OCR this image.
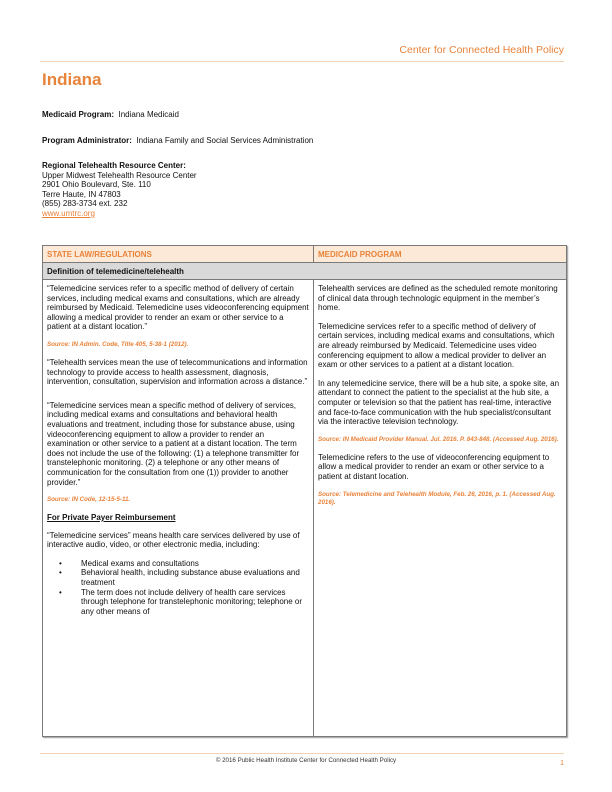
Center for Connected Health Policy
Indiana
Medicaid Program: Indiana Medicaid
Program Administrator: Indiana Family and Social Services Administration
Regional Telehealth Resource Center:
Upper Midwest Telehealth Resource Center
2901 Ohio Boulevard, Ste. 110
Terre Haute, IN 47803
(855) 283-3734 ext. 232
www.umtrc.org
STATE LAW/REGULATIONS	MEDICAID PROGRAM
Definition of telemedicine/telehealth

“Telemedicine services refer to a specific method of delivery of certain services, including medical exams and consultations, which are already reimbursed by Medicaid. Telemedicine uses videoconferencing equipment allowing a medical provider to render an exam or other service to a patient at a distant location.”

Source: IN Admin. Code, Title 405, 5-38-1 (2012).

“Telehealth services mean the use of telecommunications and information technology to provide access to health assessment, diagnosis, intervention, consultation, supervision and information across a distance.”

“Telemedicine services mean a specific method of delivery of services, including medical exams and consultations and behavioral health evaluations and treatment, including those for substance abuse, using videoconferencing equipment to allow a provider to render an examination or other service to a patient at a distant location. The term does not include the use of the following: (1) a telephone transmitter for transtelephonic monitoring. (2) a telephone or any other means of communication for the consultation from one (1)) provider to another provider.”

Source: IN Code, 12-15-5-11.

For Private Payer Reimbursement

“Telemedicine services” means health care services delivered by use of interactive audio, video, or other electronic media, including:

• Medical exams and consultations
• Behavioral health, including substance abuse evaluations and treatment
• The term does not include delivery of health care services through telephone for transtelephonic monitoring; telephone or any other means of

Telehealth services are defined as the scheduled remote monitoring of clinical data through technologic equipment in the member’s home.

Telemedicine services refer to a specific method of delivery of certain services, including medical exams and consultations, which are already reimbursed by Medicaid. Telemedicine uses video conferencing equipment to allow a medical provider to deliver an exam or other services to a patient at a distant location.

In any telemedicine service, there will be a hub site, a spoke site, an attendant to connect the patient to the specialist at the hub site, a computer or television so that the patient has real-time, interactive and face-to-face communication with the hub specialist/consultant via the interactive television technology.

Source: IN Medicaid Provider Manual. Jul. 2016. P. 843-848. (Accessed Aug. 2016).

Telemedicine refers to the use of videoconferencing equipment to allow a medical provider to render an exam or other service to a patient at distant location.

Source: Telemedicine and Telehealth Module, Feb. 26, 2016, p. 1. (Accessed Aug. 2016).

© 2016 Public Health Institute Center for Connected Health Policy	1
